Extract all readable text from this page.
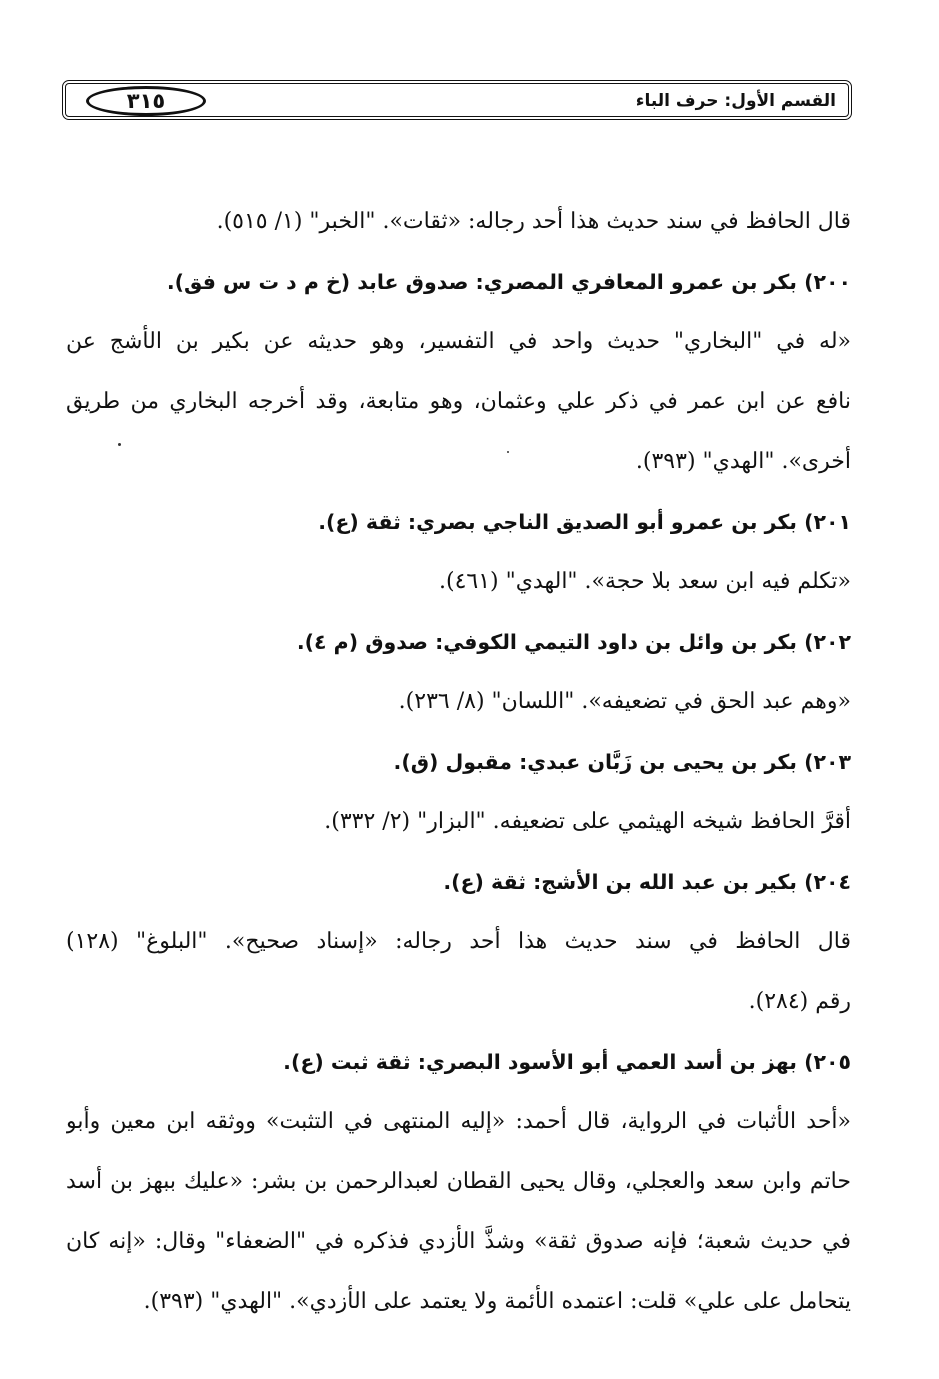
القسم الأول: حرف الباء
٣١٥
قال الحافظ في سند حديث هذا أحد رجاله: «ثقات». "الخبر" (١/ ٥١٥).
٢٠٠) بكر بن عمرو المعافري المصري: صدوق عابد (خ م د ت س فق).
«له في "البخاري" حديث واحد في التفسير، وهو حديثه عن بكير بن الأشج عن
نافع عن ابن عمر في ذكر علي وعثمان، وهو متابعة، وقد أخرجه البخاري من طريق
أخرى». "الهدي" (٣٩٣).
٢٠١) بكر بن عمرو أبو الصديق الناجي بصري: ثقة (ع).
«تكلم فيه ابن سعد بلا حجة». "الهدي" (٤٦١).
٢٠٢) بكر بن وائل بن داود التيمي الكوفي: صدوق (م ٤).
«وهم عبد الحق في تضعيفه». "اللسان" (٨/ ٢٣٦).
٢٠٣) بكر بن يحيى بن زَبَّان عبدي: مقبول (ق).
أقرَّ الحافظ شيخه الهيثمي على تضعيفه. "البزار" (٢/ ٣٣٢).
٢٠٤) بكير بن عبد الله بن الأشج: ثقة (ع).
قال الحافظ في سند حديث هذا أحد رجاله: «إسناد صحيح». "البلوغ" (١٢٨)
رقم (٢٨٤).
٢٠٥) بهز بن أسد العمي أبو الأسود البصري: ثقة ثبت (ع).
«أحد الأثبات في الرواية، قال أحمد: «إليه المنتهى في التثبت» ووثقه ابن معين وأبو
حاتم وابن سعد والعجلي، وقال يحيى القطان لعبدالرحمن بن بشر: «عليك ببهز بن أسد
في حديث شعبة؛ فإنه صدوق ثقة» وشذَّ الأزدي فذكره في "الضعفاء" وقال: «إنه كان
يتحامل على علي» قلت: اعتمده الأئمة ولا يعتمد على الأزدي». "الهدي" (٣٩٣).
